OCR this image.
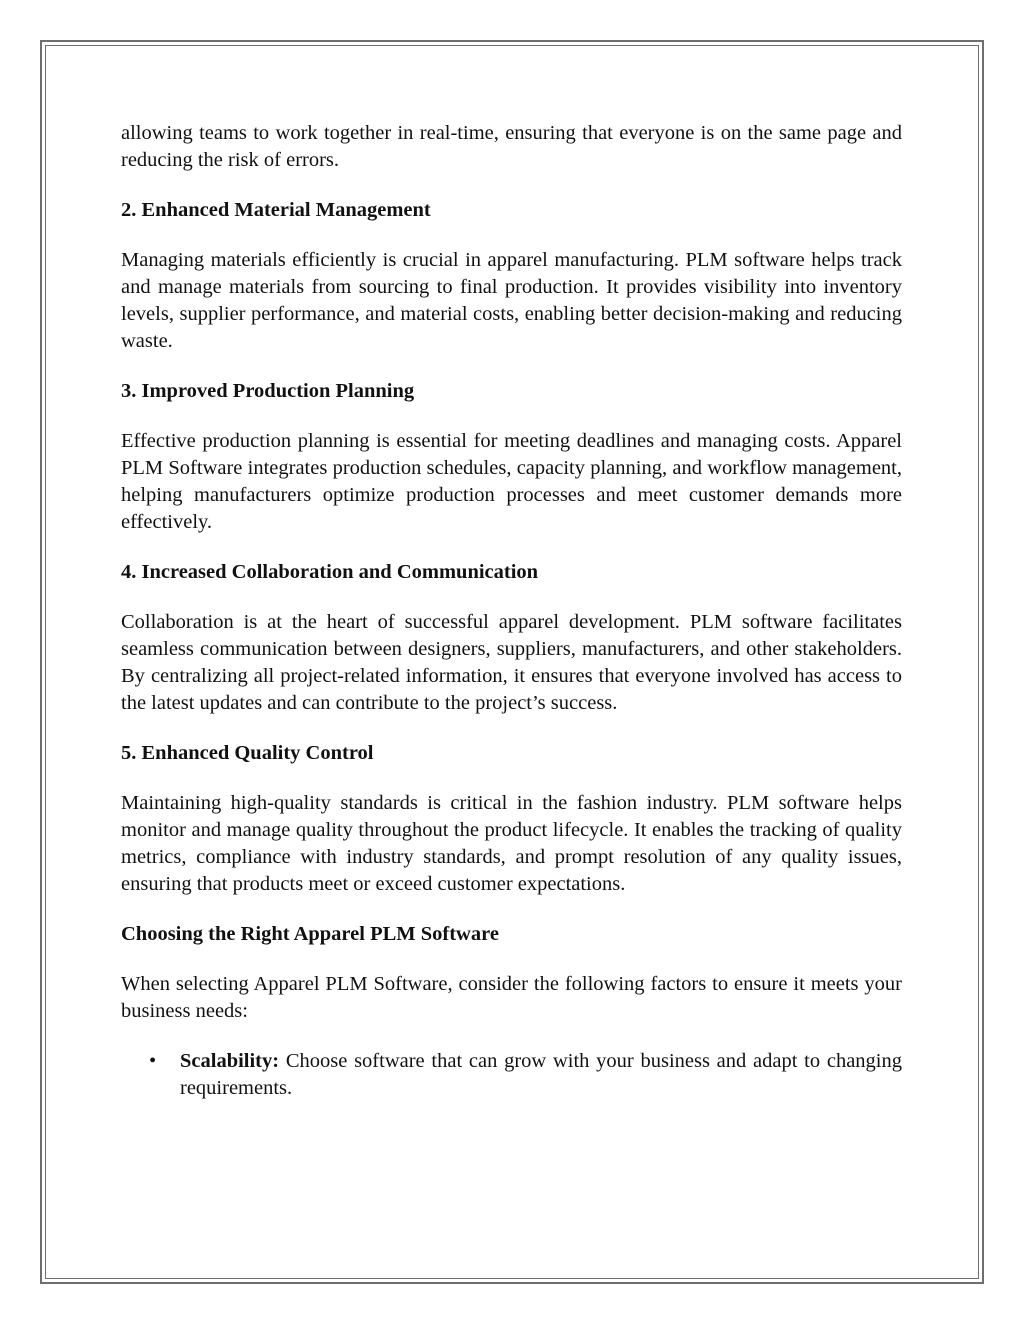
allowing teams to work together in real-time, ensuring that everyone is on the same page and reducing the risk of errors.

2. Enhanced Material Management

Managing materials efficiently is crucial in apparel manufacturing. PLM software helps track and manage materials from sourcing to final production. It provides visibility into inventory levels, supplier performance, and material costs, enabling better decision-making and reducing waste.

3. Improved Production Planning

Effective production planning is essential for meeting deadlines and managing costs. Apparel PLM Software integrates production schedules, capacity planning, and workflow management, helping manufacturers optimize production processes and meet customer demands more effectively.

4. Increased Collaboration and Communication

Collaboration is at the heart of successful apparel development. PLM software facilitates seamless communication between designers, suppliers, manufacturers, and other stakeholders. By centralizing all project-related information, it ensures that everyone involved has access to the latest updates and can contribute to the project’s success.

5. Enhanced Quality Control

Maintaining high-quality standards is critical in the fashion industry. PLM software helps monitor and manage quality throughout the product lifecycle. It enables the tracking of quality metrics, compliance with industry standards, and prompt resolution of any quality issues, ensuring that products meet or exceed customer expectations.

Choosing the Right Apparel PLM Software

When selecting Apparel PLM Software, consider the following factors to ensure it meets your business needs:

• Scalability: Choose software that can grow with your business and adapt to changing requirements.
